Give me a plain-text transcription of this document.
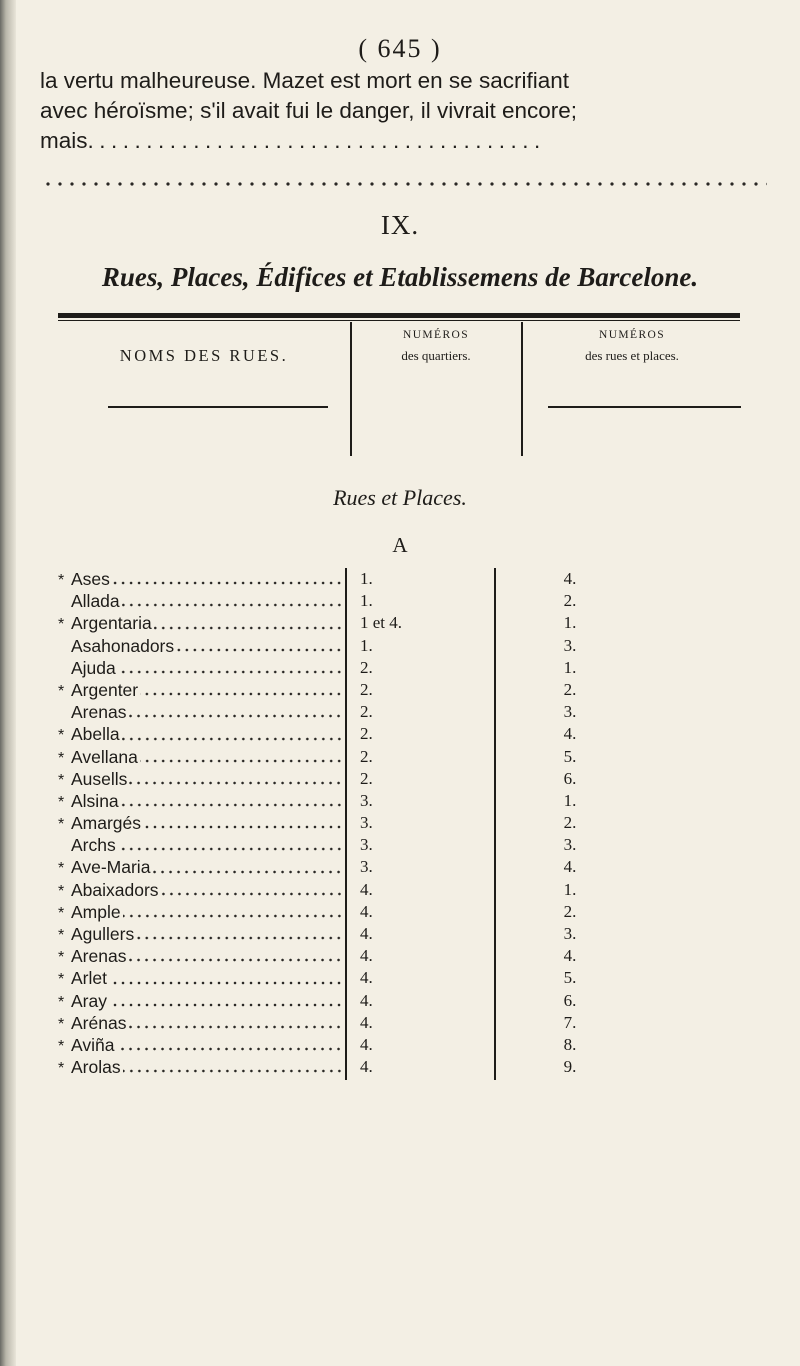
( 645 )

la vertu malheureuse. Mazet est mort en se sacrifiant
avec héroïsme; s'il avait fui le danger, il vivrait encore;
mais.......................................

IX.
Rues, Places, Édifices et Etablissemens de Barcelone.
NOMS DES RUES.
NUMÉROS
des quartiers.
NUMÉROS
des rues et places.
Rues et Places.
A
* Ases
Allada
* Argentaria
Asahonadors
Ajuda
* Argenter
Arenas
* Abella
* Avellana
* Ausells
* Alsina
* Amargés
Archs
* Ave-Maria
* Abaixadors
* Ample
* Agullers
* Arenas
* Arlet
* Aray
* Arénas
* Aviña
* Arolas
1.
1.
1 et 4.
1.
2.
2.
2.
2.
2.
2.
3.
3.
3.
3.
4.
4.
4.
4.
4.
4.
4.
4.
4.
4.
2.
1.
3.
1.
2.
3.
4.
5.
6.
1.
2.
3.
4.
1.
2.
3.
4.
5.
6.
7.
8.
9.
